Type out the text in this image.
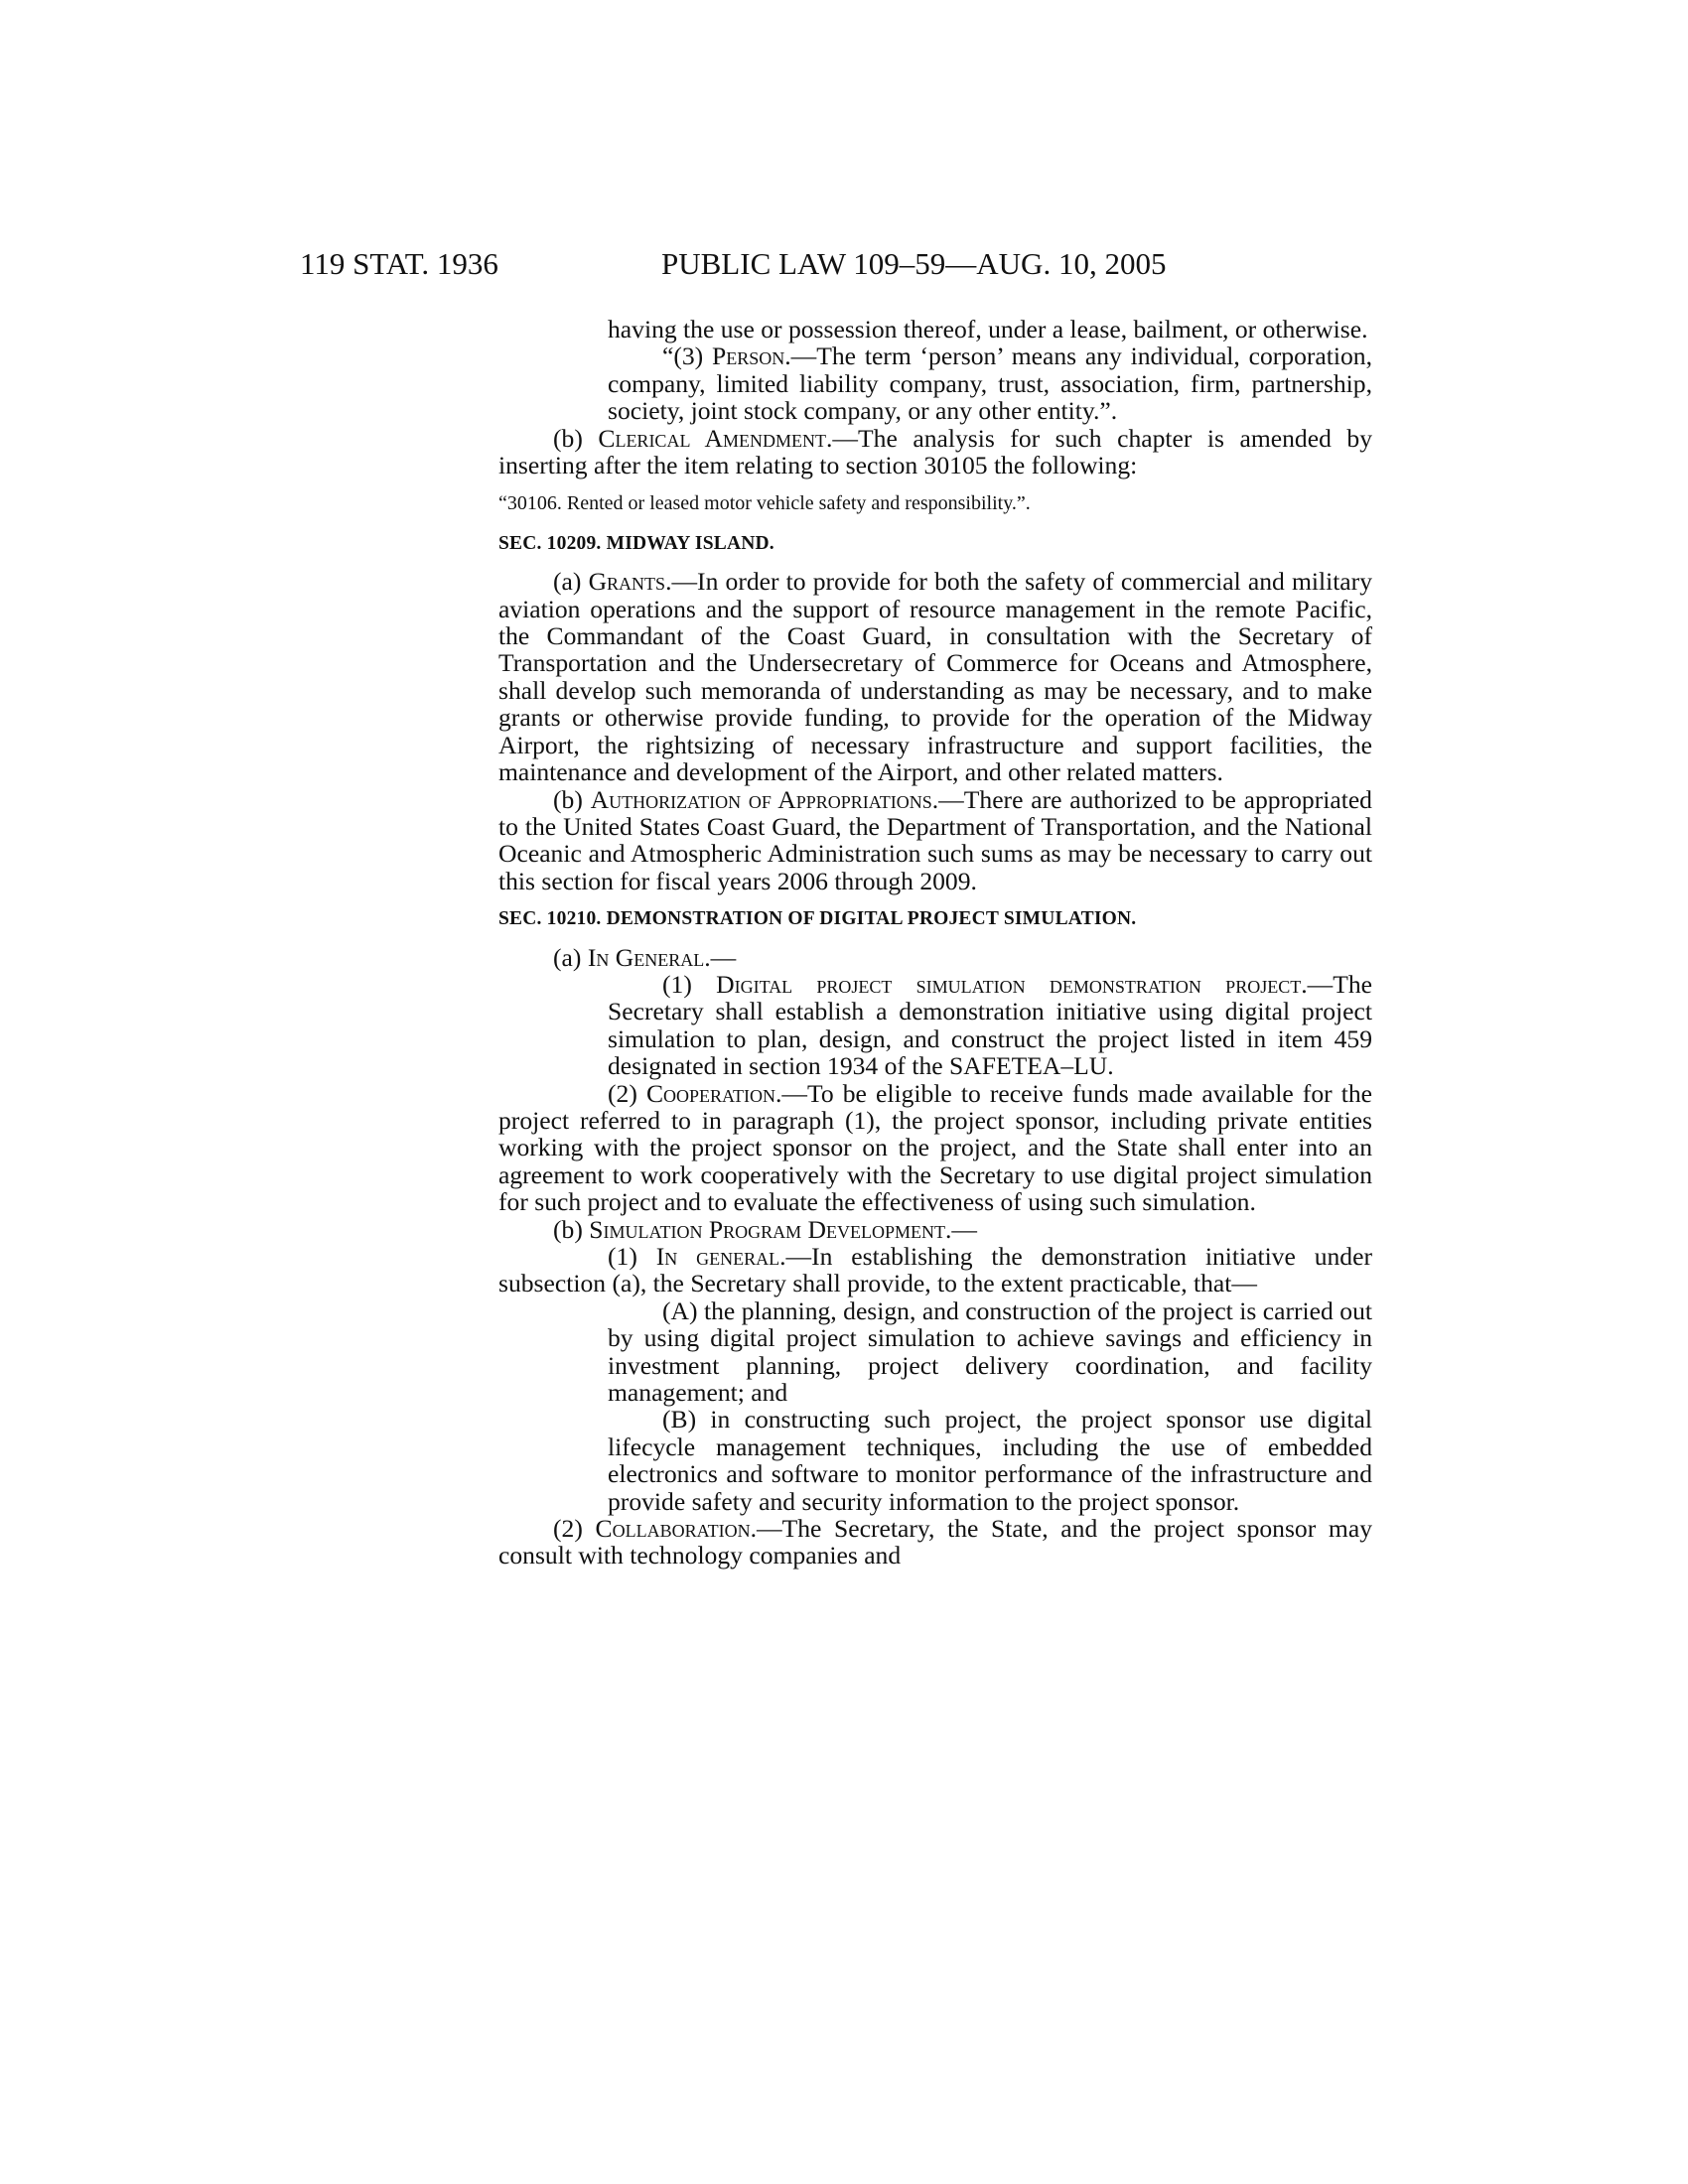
119 STAT. 1936	PUBLIC LAW 109–59—AUG. 10, 2005

having the use or possession thereof, under a lease, bailment, or otherwise.

“(3) Person.—The term ‘person’ means any individual, corporation, company, limited liability company, trust, association, firm, partnership, society, joint stock company, or any other entity.”.

(b) Clerical Amendment.—The analysis for such chapter is amended by inserting after the item relating to section 30105 the following:

“30106. Rented or leased motor vehicle safety and responsibility.”.

SEC. 10209. MIDWAY ISLAND.

(a) Grants.—In order to provide for both the safety of commercial and military aviation operations and the support of resource management in the remote Pacific, the Commandant of the Coast Guard, in consultation with the Secretary of Transportation and the Undersecretary of Commerce for Oceans and Atmosphere, shall develop such memoranda of understanding as may be necessary, and to make grants or otherwise provide funding, to provide for the operation of the Midway Airport, the rightsizing of necessary infrastructure and support facilities, the maintenance and development of the Airport, and other related matters.

(b) Authorization of Appropriations.—There are authorized to be appropriated to the United States Coast Guard, the Department of Transportation, and the National Oceanic and Atmospheric Administration such sums as may be necessary to carry out this section for fiscal years 2006 through 2009.

SEC. 10210. DEMONSTRATION OF DIGITAL PROJECT SIMULATION.

(a) In General.—

(1) Digital project simulation demonstration project.—The Secretary shall establish a demonstration initiative using digital project simulation to plan, design, and construct the project listed in item 459 designated in section 1934 of the SAFETEA–LU.

(2) Cooperation.—To be eligible to receive funds made available for the project referred to in paragraph (1), the project sponsor, including private entities working with the project sponsor on the project, and the State shall enter into an agreement to work cooperatively with the Secretary to use digital project simulation for such project and to evaluate the effectiveness of using such simulation.

(b) Simulation Program Development.—

(1) In general.—In establishing the demonstration initiative under subsection (a), the Secretary shall provide, to the extent practicable, that—

(A) the planning, design, and construction of the project is carried out by using digital project simulation to achieve savings and efficiency in investment planning, project delivery coordination, and facility management; and

(B) in constructing such project, the project sponsor use digital lifecycle management techniques, including the use of embedded electronics and software to monitor performance of the infrastructure and provide safety and security information to the project sponsor.

(2) Collaboration.—The Secretary, the State, and the project sponsor may consult with technology companies and
